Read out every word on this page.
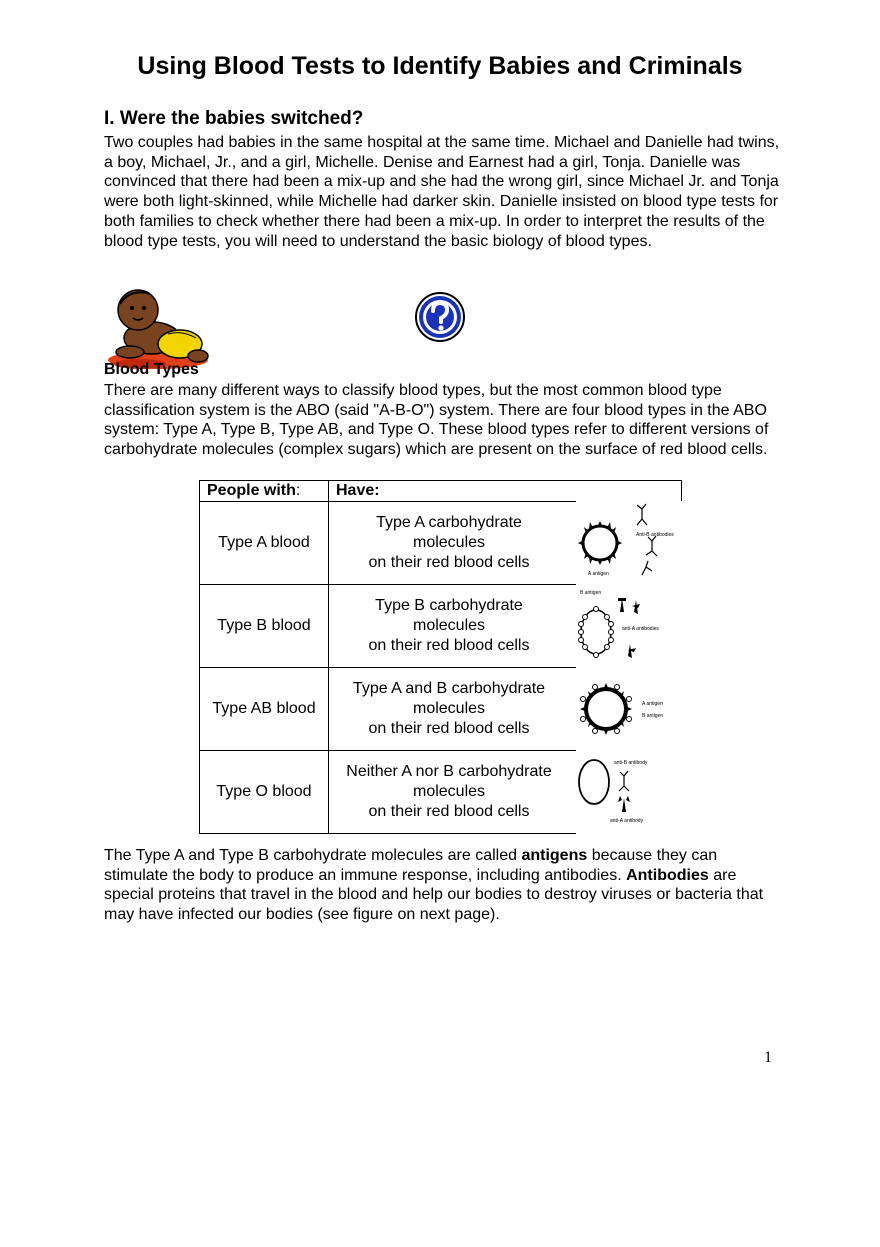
Using Blood Tests to Identify Babies and Criminals
I. Were the babies switched?
Two couples had babies in the same hospital at the same time. Michael and Danielle had twins, a boy, Michael, Jr., and a girl, Michelle. Denise and Earnest had a girl, Tonja. Danielle was convinced that there had been a mix-up and she had the wrong girl, since Michael Jr. and Tonja were both light-skinned, while Michelle had darker skin. Danielle insisted on blood type tests for both families to check whether there had been a mix-up. In order to interpret the results of the blood type tests, you will need to understand the basic biology of blood types.
Blood Types
There are many different ways to classify blood types, but the most common blood type classification system is the ABO (said "A-B-O") system. There are four blood types in the ABO system: Type A, Type B, Type AB, and Type O. These blood types refer to different versions of carbohydrate molecules (complex sugars) which are present on the surface of red blood cells.
People with:	Have:
Type A blood	Type A carbohydrate
molecules
on their red blood cells
Anti-B antibodies
A antigen

Type B blood	Type B carbohydrate
molecules
on their red blood cells
B antigen
anti-A antibodies

Type AB blood	Type A and B carbohydrate
molecules
on their red blood cells
A antigen
B antigen

Type O blood	Neither A nor B carbohydrate
molecules
on their red blood cells
anti-B antibody
anti-A antibody
The Type A and Type B carbohydrate molecules are called antigens because they can stimulate the body to produce an immune response, including antibodies. Antibodies are special proteins that travel in the blood and help our bodies to destroy viruses or bacteria that may have infected our bodies (see figure on next page).
1
